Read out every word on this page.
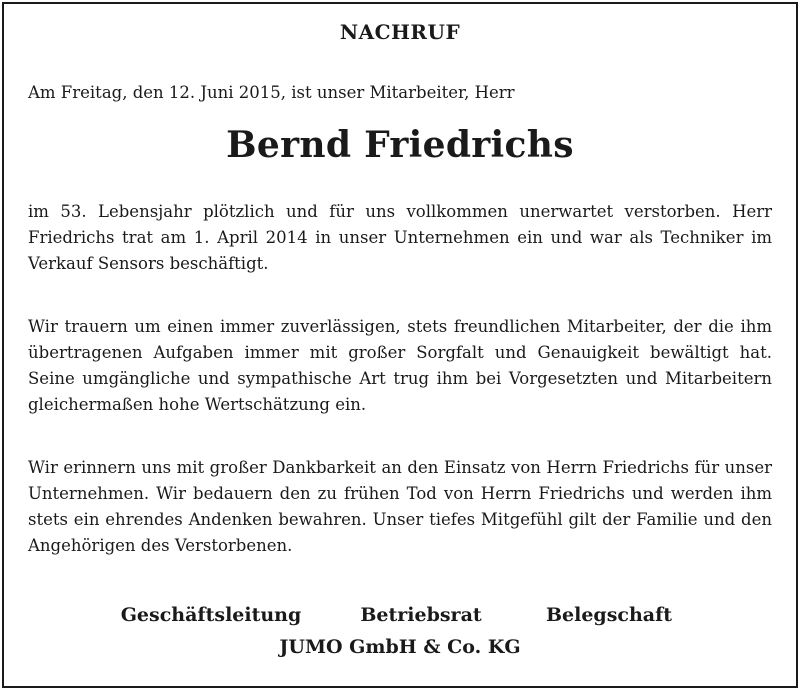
NACHRUF
Am Freitag, den 12. Juni 2015, ist unser Mitarbeiter, Herr
Bernd Friedrichs
im 53. Lebensjahr plötzlich und für uns vollkommen unerwartet verstorben. Herr Friedrichs trat am 1. April 2014 in unser Unternehmen ein und war als Techniker im Verkauf Sensors beschäftigt.
Wir trauern um einen immer zuverlässigen, stets freundlichen Mitarbeiter, der die ihm übertragenen Aufgaben immer mit großer Sorgfalt und Genauigkeit bewältigt hat. Seine umgängliche und sympathische Art trug ihm bei Vorgesetzten und Mitarbeitern gleichermaßen hohe Wertschätzung ein.
Wir erinnern uns mit großer Dankbarkeit an den Einsatz von Herrn Friedrichs für unser Unternehmen. Wir bedauern den zu frühen Tod von Herrn Friedrichs und werden ihm stets ein ehrendes Andenken bewahren. Unser tiefes Mitgefühl gilt der Familie und den Angehörigen des Verstorbenen.
Geschäftsleitung	Betriebsrat	Belegschaft
JUMO GmbH & Co. KG
